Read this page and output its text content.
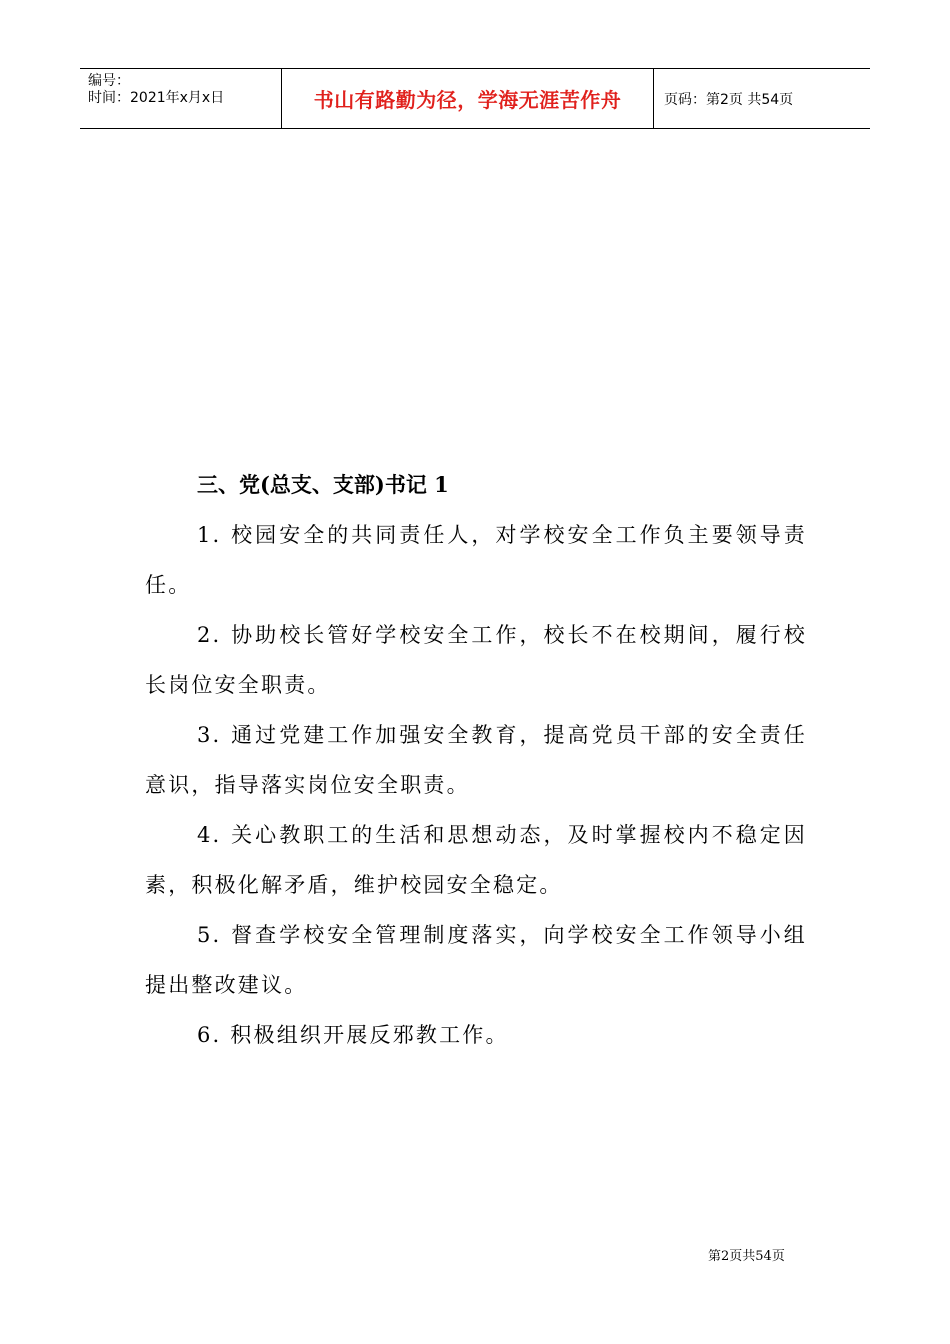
编号：
时间：2021年x月x日	书山有路勤为径，学海无涯苦作舟	页码：第2页 共54页

三、党(总支、支部)书记 1

1. 校园安全的共同责任人，对学校安全工作负主要领导责任。

2. 协助校长管好学校安全工作，校长不在校期间，履行校长岗位安全职责。

3. 通过党建工作加强安全教育，提高党员干部的安全责任意识，指导落实岗位安全职责。

4. 关心教职工的生活和思想动态，及时掌握校内不稳定因素，积极化解矛盾，维护校园安全稳定。

5. 督查学校安全管理制度落实，向学校安全工作领导小组提出整改建议。

6. 积极组织开展反邪教工作。

第2页共54页
